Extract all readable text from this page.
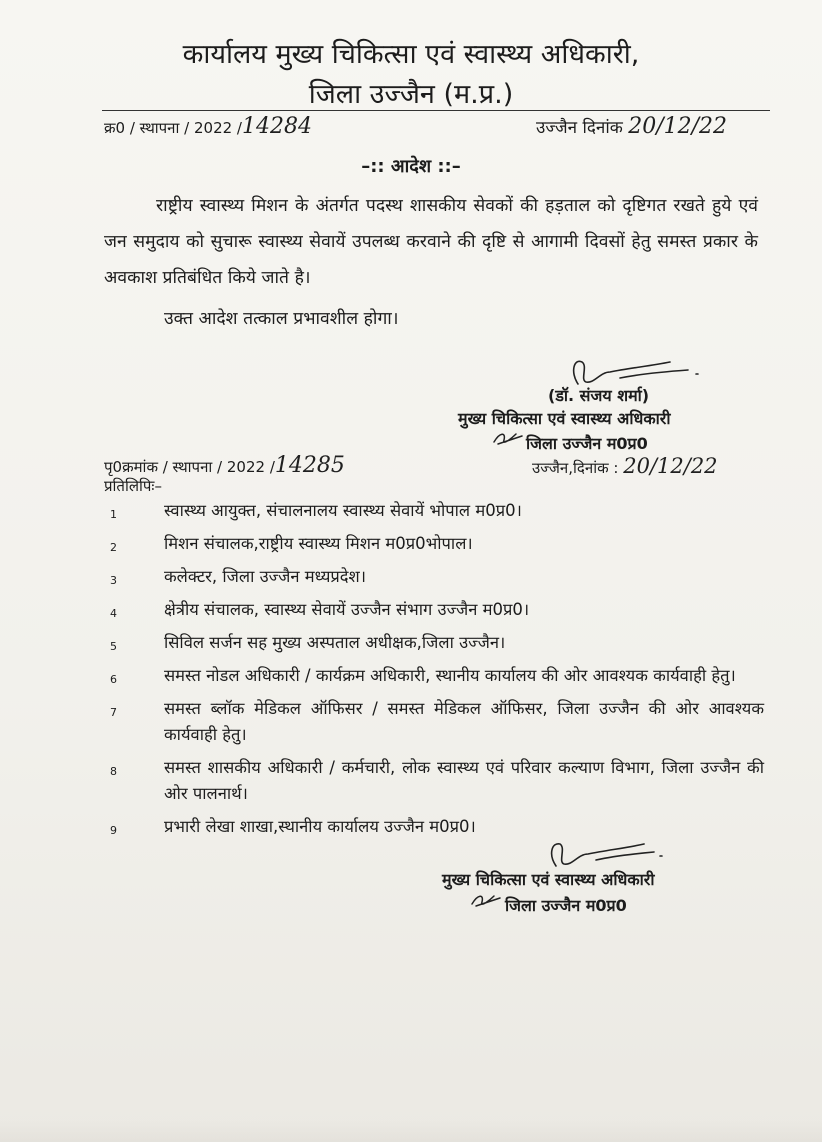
कार्यालय मुख्य चिकित्सा एवं स्वास्थ्य अधिकारी,
जिला उज्जैन (म.प्र.)
क्र0 / स्थापना / 2022 /14284	उज्जैन दिनांक 20/12/22
–:: आदेश ::–
राष्ट्रीय स्वास्थ्य मिशन के अंतर्गत पदस्थ शासकीय सेवकों की हड़ताल को दृष्टिगत रखते हुये एवं जन समुदाय को सुचारू स्वास्थ्य सेवायें उपलब्ध करवाने की दृष्टि से आगामी दिवसों हेतु समस्त प्रकार के अवकाश प्रतिबंधित किये जाते है।
उक्त आदेश तत्काल प्रभावशील होगा।
(डॉ. संजय शर्मा)
मुख्य चिकित्सा एवं स्वास्थ्य अधिकारी
जिला उज्जैन म0प्र0
उज्जैन,दिनांक : 20/12/22
पृ0क्रमांक / स्थापना / 2022 /14285
प्रतिलिपिः–
1	स्वास्थ्य आयुक्त, संचालनालय स्वास्थ्य सेवायें भोपाल म0प्र0।
2	मिशन संचालक,राष्ट्रीय स्वास्थ्य मिशन म0प्र0भोपाल।
3	कलेक्टर, जिला उज्जैन मध्यप्रदेश।
4	क्षेत्रीय संचालक, स्वास्थ्य सेवायें उज्जैन संभाग उज्जैन म0प्र0।
5	सिविल सर्जन सह मुख्य अस्पताल अधीक्षक,जिला उज्जैन।
6	समस्त नोडल अधिकारी / कार्यक्रम अधिकारी, स्थानीय कार्यालय की ओर आवश्यक कार्यवाही हेतु।
7	समस्त ब्लॉक मेडिकल ऑफिसर / समस्त मेडिकल ऑफिसर, जिला उज्जैन की ओर आवश्यक कार्यवाही हेतु।
8	समस्त शासकीय अधिकारी / कर्मचारी, लोक स्वास्थ्य एवं परिवार कल्याण विभाग, जिला उज्जैन की ओर पालनार्थ।
9	प्रभारी लेखा शाखा,स्थानीय कार्यालय उज्जैन म0प्र0।
मुख्य चिकित्सा एवं स्वास्थ्य अधिकारी
जिला उज्जैन म0प्र0
